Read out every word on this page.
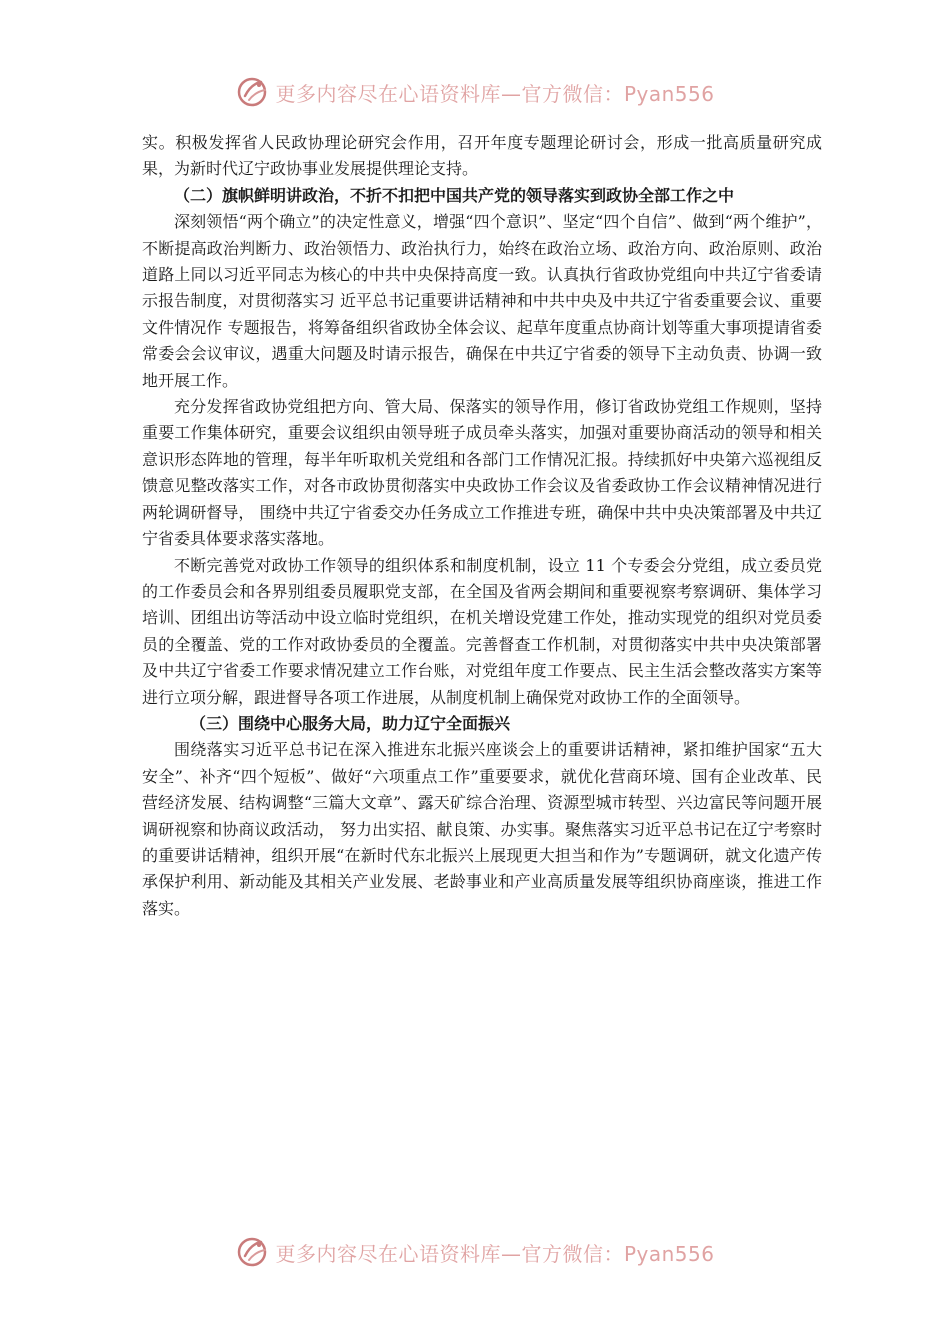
更多内容尽在心语资料库—官方微信：Pyan556

实。积极发挥省人民政协理论研究会作用，召开年度专题理论研讨会，形成一批高质量研究成果，为新时代辽宁政协事业发展提供理论支持。

（二）旗帜鲜明讲政治，不折不扣把中国共产党的领导落实到政协全部工作之中

深刻领悟“两个确立”的决定性意义，增强“四个意识”、坚定“四个自信”、做到“两个维护”，不断提高政治判断力、政治领悟力、政治执行力，始终在政治立场、政治方向、政治原则、政治道路上同以习近平同志为核心的中共中央保持高度一致。认真执行省政协党组向中共辽宁省委请示报告制度，对贯彻落实习 近平总书记重要讲话精神和中共中央及中共辽宁省委重要会议、重要文件情况作 专题报告，将筹备组织省政协全体会议、起草年度重点协商计划等重大事项提请省委常委会会议审议，遇重大问题及时请示报告，确保在中共辽宁省委的领导下主动负责、协调一致地开展工作。

充分发挥省政协党组把方向、管大局、保落实的领导作用，修订省政协党组工作规则，坚持重要工作集体研究，重要会议组织由领导班子成员牵头落实，加强对重要协商活动的领导和相关意识形态阵地的管理，每半年听取机关党组和各部门工作情况汇报。持续抓好中央第六巡视组反馈意见整改落实工作，对各市政协贯彻落实中央政协工作会议及省委政协工作会议精神情况进行两轮调研督导， 围绕中共辽宁省委交办任务成立工作推进专班，确保中共中央决策部署及中共辽宁省委具体要求落实落地。

不断完善党对政协工作领导的组织体系和制度机制，设立 11 个专委会分党组，成立委员党的工作委员会和各界别组委员履职党支部，在全国及省两会期间和重要视察考察调研、集体学习培训、团组出访等活动中设立临时党组织，在机关增设党建工作处，推动实现党的组织对党员委员的全覆盖、党的工作对政协委员的全覆盖。完善督查工作机制，对贯彻落实中共中央决策部署及中共辽宁省委工作要求情况建立工作台账，对党组年度工作要点、民主生活会整改落实方案等进行立项分解，跟进督导各项工作进展，从制度机制上确保党对政协工作的全面领导。

（三）围绕中心服务大局，助力辽宁全面振兴

围绕落实习近平总书记在深入推进东北振兴座谈会上的重要讲话精神，紧扣维护国家“五大安全”、补齐“四个短板”、做好“六项重点工作”重要要求，就优化营商环境、国有企业改革、民营经济发展、结构调整“三篇大文章”、露天矿综合治理、资源型城市转型、兴边富民等问题开展调研视察和协商议政活动， 努力出实招、献良策、办实事。聚焦落实习近平总书记在辽宁考察时的重要讲话精神，组织开展“在新时代东北振兴上展现更大担当和作为”专题调研，就文化遗产传承保护利用、新动能及其相关产业发展、老龄事业和产业高质量发展等组织协商座谈，推进工作落实。

更多内容尽在心语资料库—官方微信：Pyan556
